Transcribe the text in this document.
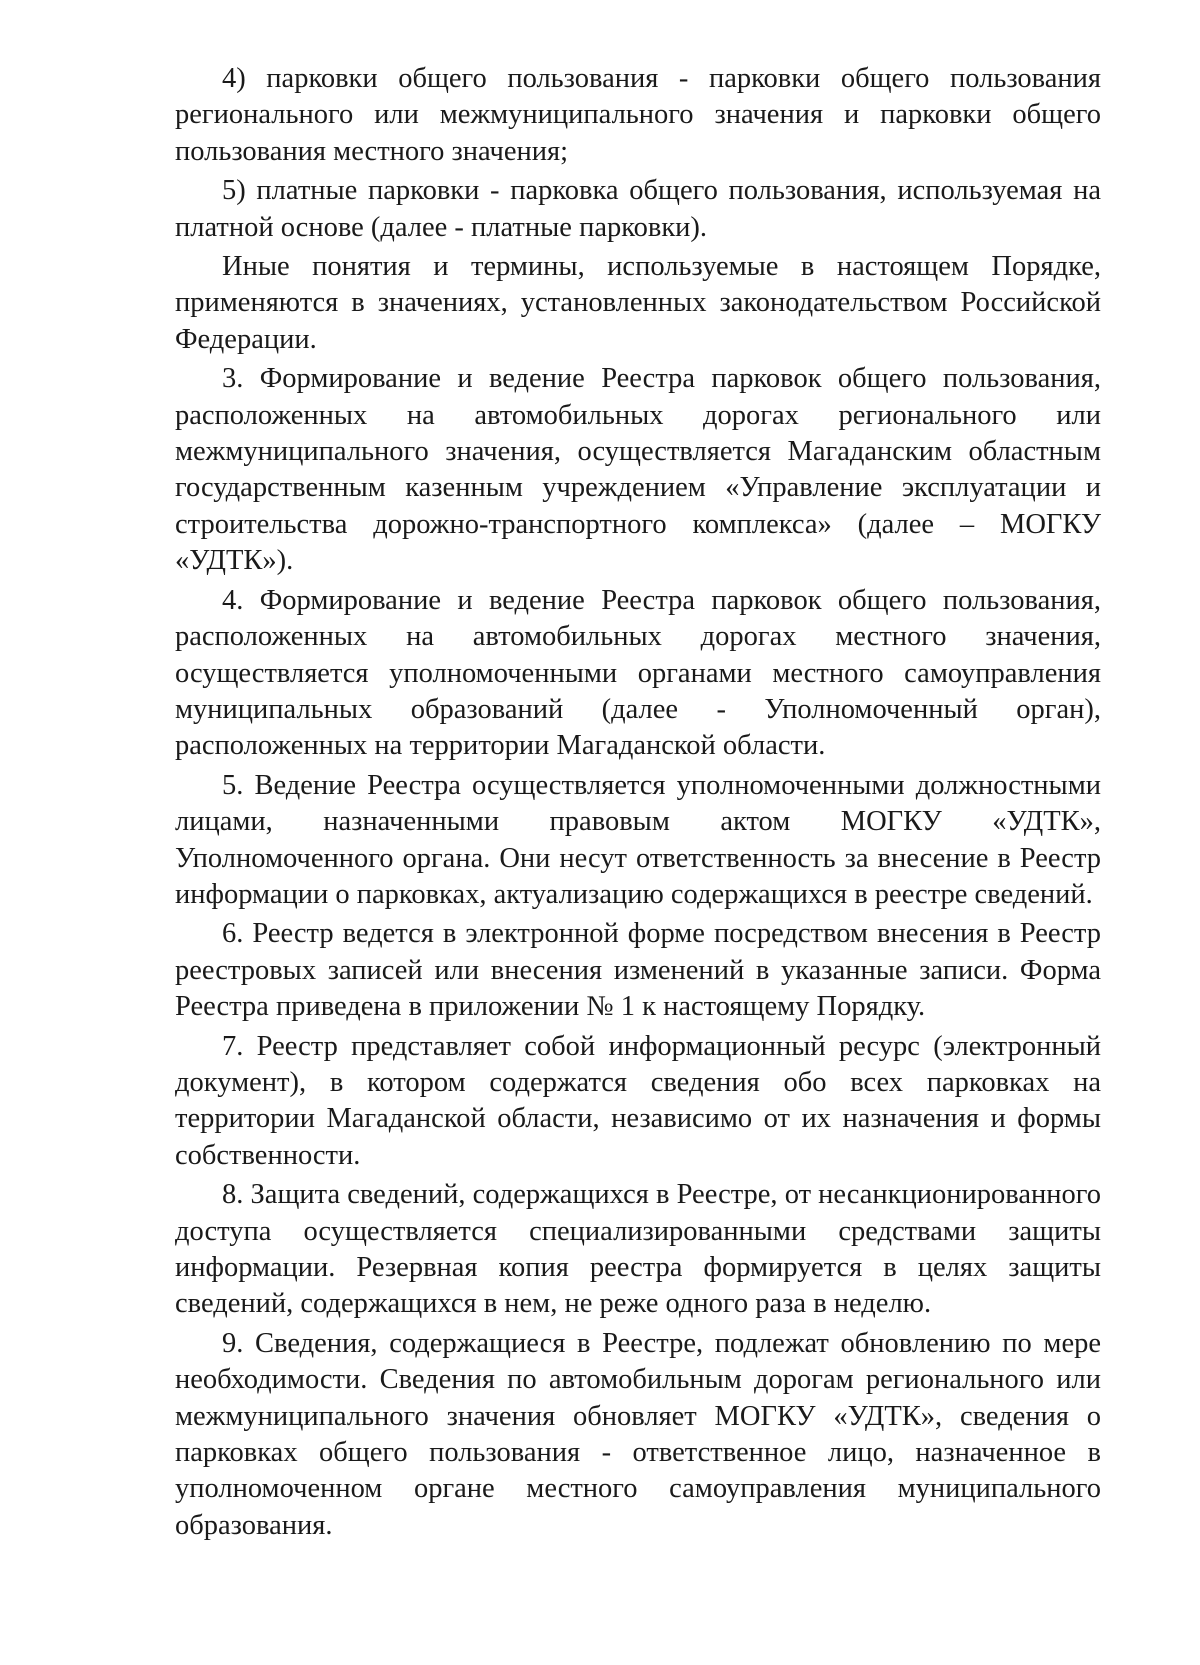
4) парковки общего пользования - парковки общего пользования регионального или межмуниципального значения и парковки общего пользования местного значения;

5) платные парковки - парковка общего пользования, используемая на платной основе (далее - платные парковки).

Иные понятия и термины, используемые в настоящем Порядке, применяются в значениях, установленных законодательством Российской Федерации.

3. Формирование и ведение Реестра парковок общего пользования, расположенных на автомобильных дорогах регионального или межмуниципального значения, осуществляется Магаданским областным государственным казенным учреждением «Управление эксплуатации и строительства дорожно-транспортного комплекса» (далее – МОГКУ «УДТК»).

4. Формирование и ведение Реестра парковок общего пользования, расположенных на автомобильных дорогах местного значения, осуществляется уполномоченными органами местного самоуправления муниципальных образований (далее - Уполномоченный орган), расположенных на территории Магаданской области.

5. Ведение Реестра осуществляется уполномоченными должностными лицами, назначенными правовым актом МОГКУ «УДТК», Уполномоченного органа. Они несут ответственность за внесение в Реестр информации о парковках, актуализацию содержащихся в реестре сведений.

6. Реестр ведется в электронной форме посредством внесения в Реестр реестровых записей или внесения изменений в указанные записи. Форма Реестра приведена в приложении № 1 к настоящему Порядку.

7. Реестр представляет собой информационный ресурс (электронный документ), в котором содержатся сведения обо всех парковках на территории Магаданской области, независимо от их назначения и формы собственности.

8. Защита сведений, содержащихся в Реестре, от несанкционированного доступа осуществляется специализированными средствами защиты информации. Резервная копия реестра формируется в целях защиты сведений, содержащихся в нем, не реже одного раза в неделю.

9. Сведения, содержащиеся в Реестре, подлежат обновлению по мере необходимости. Сведения по автомобильным дорогам регионального или межмуниципального значения обновляет МОГКУ «УДТК», сведения о парковках общего пользования - ответственное лицо, назначенное в уполномоченном органе местного самоуправления муниципального образования.
